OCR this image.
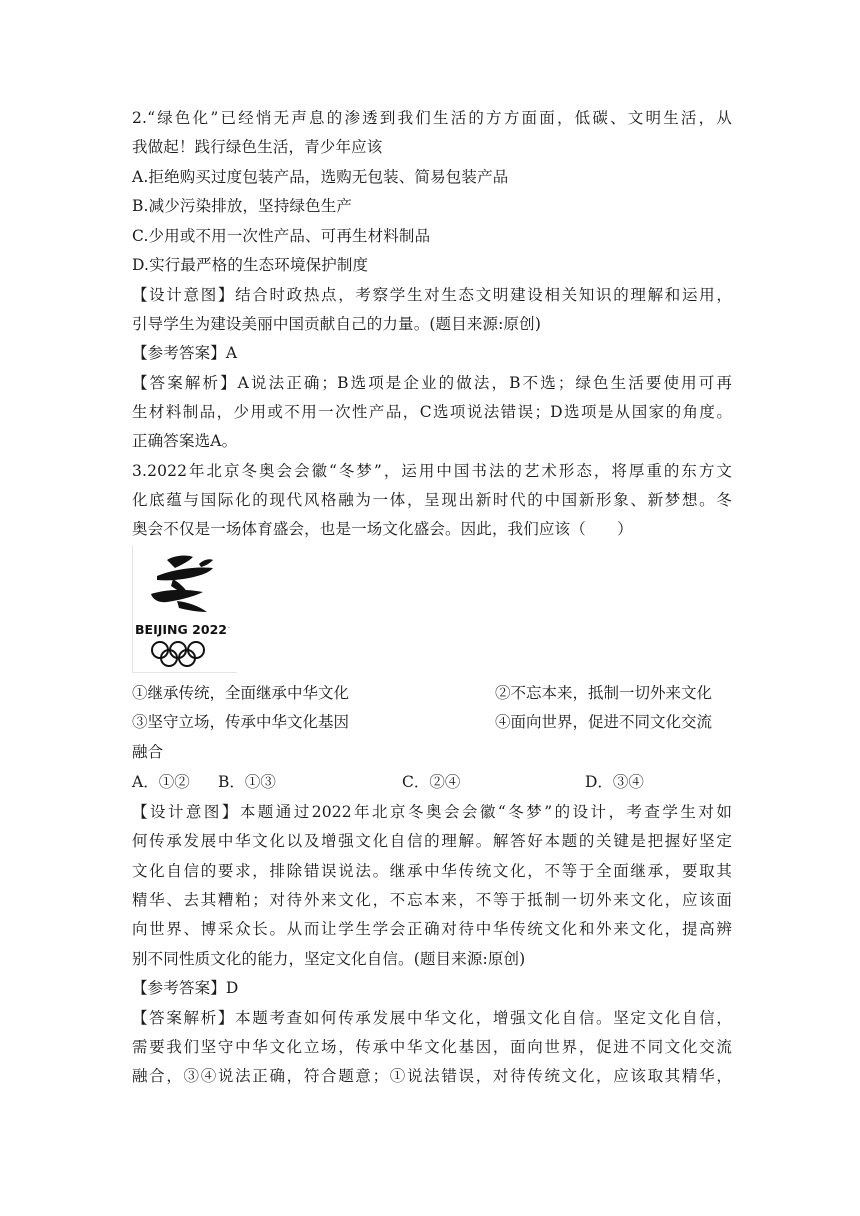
2.“绿色化”已经悄无声息的渗透到我们生活的方方面面，低碳、文明生活，从
我做起！践行绿色生活，青少年应该
A.拒绝购买过度包装产品，选购无包装、简易包装产品
B.减少污染排放，坚持绿色生产
C.少用或不用一次性产品、可再生材料制品
D.实行最严格的生态环境保护制度
【设计意图】结合时政热点，考察学生对生态文明建设相关知识的理解和运用，
引导学生为建设美丽中国贡献自己的力量。(题目来源:原创)
【参考答案】A
【答案解析】A说法正确；B选项是企业的做法，B不选；绿色生活要使用可再
生材料制品，少用或不用一次性产品，C选项说法错误；D选项是从国家的角度。
正确答案选A。
3.2022年北京冬奥会会徽“冬梦”，运用中国书法的艺术形态，将厚重的东方文
化底蕴与国际化的现代风格融为一体，呈现出新时代的中国新形象、新梦想。冬
奥会不仅是一场体育盛会，也是一场文化盛会。因此，我们应该（　　）
BEIJING 2022 .
①继承传统，全面继承中华文化	②不忘本来，抵制一切外来文化
③坚守立场，传承中华文化基因	④面向世界，促进不同文化交流
融合
A．①② B．①③	C．②④	D．③④
【设计意图】本题通过2022年北京冬奥会会徽“冬梦”的设计，考查学生对如
何传承发展中华文化以及增强文化自信的理解。解答好本题的关键是把握好坚定
文化自信的要求，排除错误说法。继承中华传统文化，不等于全面继承，要取其
精华、去其糟粕；对待外来文化，不忘本来，不等于抵制一切外来文化，应该面
向世界、博采众长。从而让学生学会正确对待中华传统文化和外来文化，提高辨
别不同性质文化的能力，坚定文化自信。(题目来源:原创)
【参考答案】D
【答案解析】本题考查如何传承发展中华文化，增强文化自信。坚定文化自信，
需要我们坚守中华文化立场，传承中华文化基因，面向世界，促进不同文化交流
融合，③④说法正确，符合题意；①说法错误，对待传统文化，应该取其精华，
